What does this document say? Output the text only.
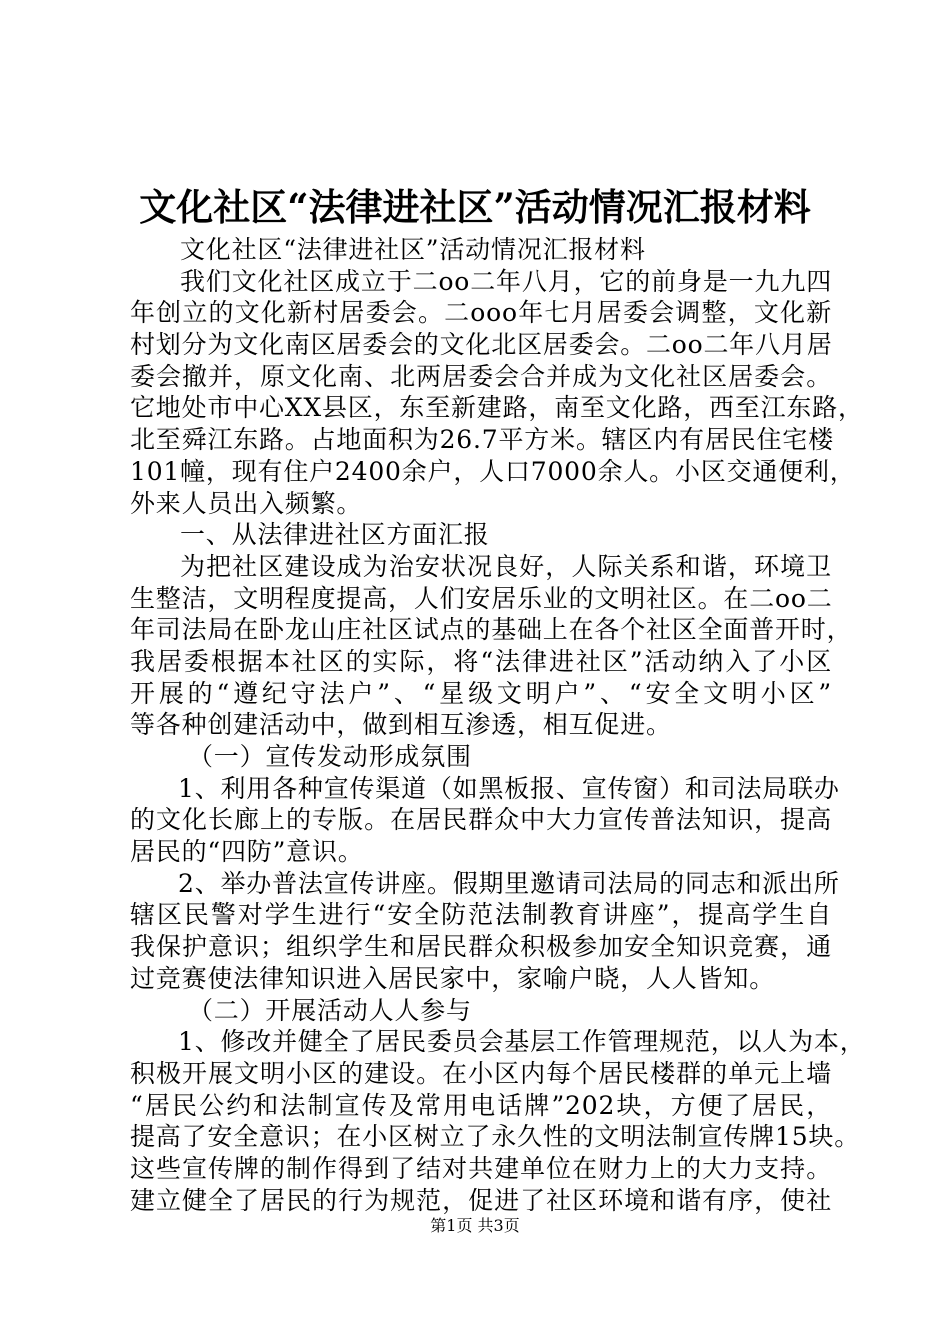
文化社区“法律进社区”活动情况汇报材料
文化社区“法律进社区”活动情况汇报材料
我们文化社区成立于二oo二年八月，它的前身是一九九四
年创立的文化新村居委会。二ooo年七月居委会调整，文化新
村划分为文化南区居委会的文化北区居委会。二oo二年八月居
委会撤并，原文化南、北两居委会合并成为文化社区居委会。
它地处市中心XX县区，东至新建路，南至文化路，西至江东路，
北至舜江东路。占地面积为26.7平方米。辖区内有居民住宅楼
101幢，现有住户2400余户，人口7000余人。小区交通便利，
外来人员出入频繁。
一、从法律进社区方面汇报
为把社区建设成为治安状况良好，人际关系和谐，环境卫
生整洁，文明程度提高，人们安居乐业的文明社区。在二oo二
年司法局在卧龙山庄社区试点的基础上在各个社区全面普开时，
我居委根据本社区的实际，将“法律进社区”活动纳入了小区
开展的“遵纪守法户”、“星级文明户”、“安全文明小区”
等各种创建活动中，做到相互渗透，相互促进。
（一）宣传发动形成氛围
1、利用各种宣传渠道（如黑板报、宣传窗）和司法局联办
的文化长廊上的专版。在居民群众中大力宣传普法知识，提高
居民的“四防”意识。
2、举办普法宣传讲座。假期里邀请司法局的同志和派出所
辖区民警对学生进行“安全防范法制教育讲座”，提高学生自
我保护意识；组织学生和居民群众积极参加安全知识竞赛，通
过竞赛使法律知识进入居民家中，家喻户晓，人人皆知。
（二）开展活动人人参与
1、修改并健全了居民委员会基层工作管理规范，以人为本，
积极开展文明小区的建设。在小区内每个居民楼群的单元上墙
“居民公约和法制宣传及常用电话牌”202块，方便了居民，
提高了安全意识；在小区树立了永久性的文明法制宣传牌15块。
这些宣传牌的制作得到了结对共建单位在财力上的大力支持。
建立健全了居民的行为规范，促进了社区环境和谐有序，使社
第1页 共3页
